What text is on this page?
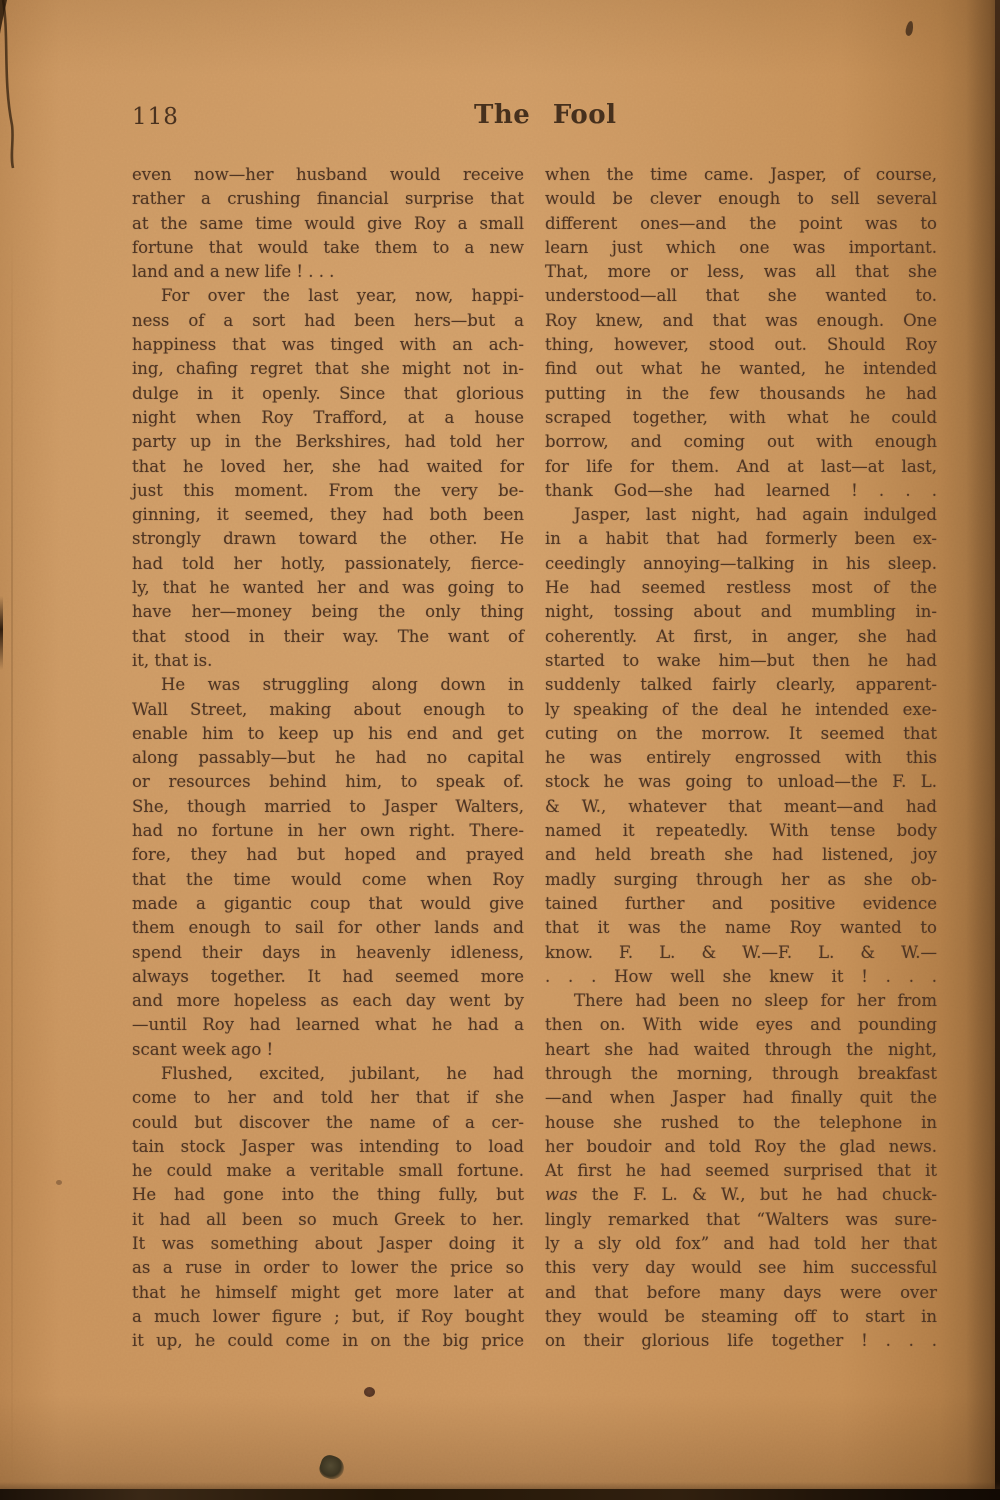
118	The Fool
even now—her husband would receive
rather a crushing financial surprise that
at the same time would give Roy a small
fortune that would take them to a new
land and a new life ! . . .
For over the last year, now, happi-
ness of a sort had been hers—but a
happiness that was tinged with an ach-
ing, chafing regret that she might not in-
dulge in it openly. Since that glorious
night when Roy Trafford, at a house
party up in the Berkshires, had told her
that he loved her, she had waited for
just this moment. From the very be-
ginning, it seemed, they had both been
strongly drawn toward the other. He
had told her hotly, passionately, fierce-
ly, that he wanted her and was going to
have her—money being the only thing
that stood in their way. The want of
it, that is.
He was struggling along down in
Wall Street, making about enough to
enable him to keep up his end and get
along passably—but he had no capital
or resources behind him, to speak of.
She, though married to Jasper Walters,
had no fortune in her own right. There-
fore, they had but hoped and prayed
that the time would come when Roy
made a gigantic coup that would give
them enough to sail for other lands and
spend their days in heavenly idleness,
always together. It had seemed more
and more hopeless as each day went by
—until Roy had learned what he had a
scant week ago !
Flushed, excited, jubilant, he had
come to her and told her that if she
could but discover the name of a cer-
tain stock Jasper was intending to load
he could make a veritable small fortune.
He had gone into the thing fully, but
it had all been so much Greek to her.
It was something about Jasper doing it
as a ruse in order to lower the price so
that he himself might get more later at
a much lower figure ; but, if Roy bought
it up, he could come in on the big price
when the time came. Jasper, of course,
would be clever enough to sell several
different ones—and the point was to
learn just which one was important.
That, more or less, was all that she
understood—all that she wanted to.
Roy knew, and that was enough. One
thing, however, stood out. Should Roy
find out what he wanted, he intended
putting in the few thousands he had
scraped together, with what he could
borrow, and coming out with enough
for life for them. And at last—at last,
thank God—she had learned ! . . .
Jasper, last night, had again indulged
in a habit that had formerly been ex-
ceedingly annoying—talking in his sleep.
He had seemed restless most of the
night, tossing about and mumbling in-
coherently. At first, in anger, she had
started to wake him—but then he had
suddenly talked fairly clearly, apparent-
ly speaking of the deal he intended exe-
cuting on the morrow. It seemed that
he was entirely engrossed with this
stock he was going to unload—the F. L.
& W., whatever that meant—and had
named it repeatedly. With tense body
and held breath she had listened, joy
madly surging through her as she ob-
tained further and positive evidence
that it was the name Roy wanted to
know. F. L. & W.—F. L. & W.—
. . . How well she knew it ! . . .
There had been no sleep for her from
then on. With wide eyes and pounding
heart she had waited through the night,
through the morning, through breakfast
—and when Jasper had finally quit the
house she rushed to the telephone in
her boudoir and told Roy the glad news.
At first he had seemed surprised that it
was the F. L. & W., but he had chuck-
lingly remarked that “Walters was sure-
ly a sly old fox” and had told her that
this very day would see him successful
and that before many days were over
they would be steaming off to start in
on their glorious life together ! . . .
